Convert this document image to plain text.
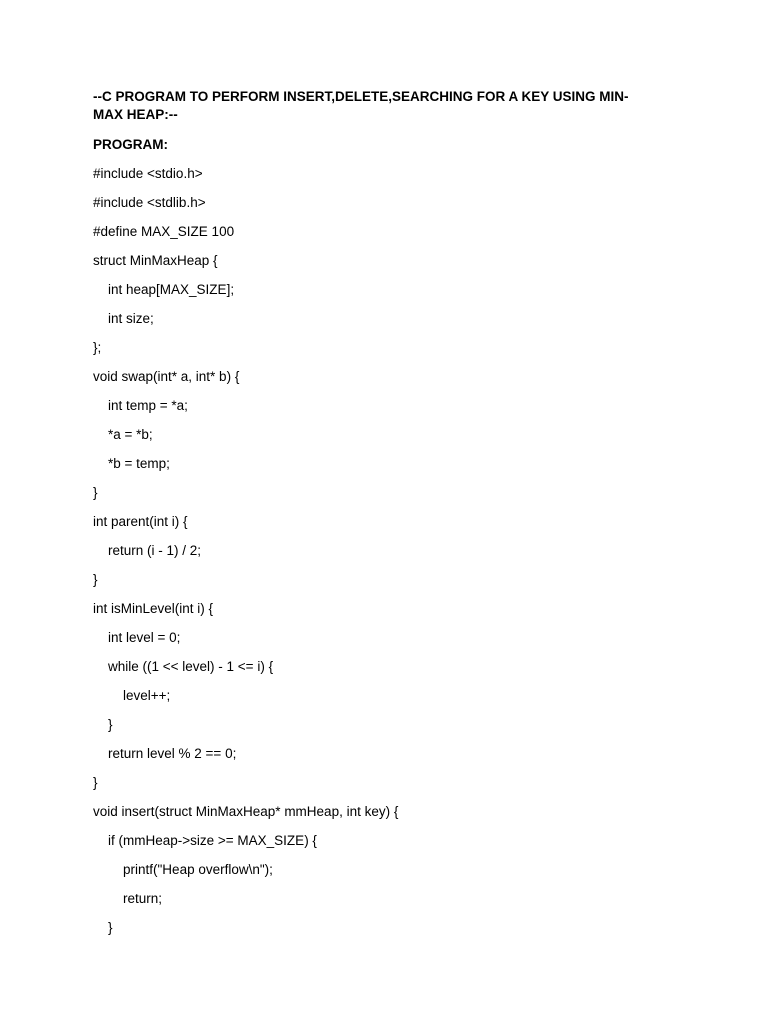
--C PROGRAM TO PERFORM INSERT,DELETE,SEARCHING FOR A KEY USING MIN-MAX HEAP:--
PROGRAM:
#include <stdio.h>
#include <stdlib.h>
#define MAX_SIZE 100
struct MinMaxHeap {
int heap[MAX_SIZE];
int size;
};
void swap(int* a, int* b) {
int temp = *a;
*a = *b;
*b = temp;
}
int parent(int i) {
return (i - 1) / 2;
}
int isMinLevel(int i) {
int level = 0;
while ((1 << level) - 1 <= i) {
level++;
}
return level % 2 == 0;
}
void insert(struct MinMaxHeap* mmHeap, int key) {
if (mmHeap->size >= MAX_SIZE) {
printf("Heap overflow\n");
return;
}
